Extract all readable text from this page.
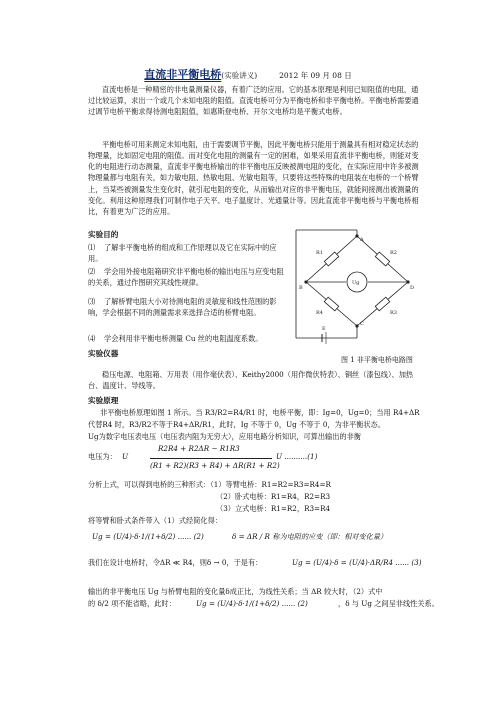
直流非平衡电桥(实验讲义)	2012 年 09 月 08 日
直流电桥是一种精密的非电量测量仪器，有着广泛的应用。它的基本原理是利用已知阻值的电阻，通过比较运算，求出一个或几个未知电阻的阻值。直流电桥可分为平衡电桥和非平衡电桥。平衡电桥需要通过调节电桥平衡求得待测电阻阻值，如惠斯登电桥、开尔文电桥均是平衡式电桥。
平衡电桥可用来测定未知电阻，由于需要调节平衡，因此平衡电桥只能用于测量具有相对稳定状态的物理量，比如固定电阻的阻值。而对变化电阻的测量有一定的困难，如果采用直流非平衡电桥，则能对变化的电阻进行动态测量，直流非平衡电桥输出的非平衡电压反映被测电阻的变化，在实际应用中许多被测物理量都与电阻有关，如力敏电阻、热敏电阻、光敏电阻等，只要将这些特殊的电阻装在电桥的一个桥臂上，当某些被测量发生变化时，就引起电阻的变化，从而输出对应的非平衡电压，就能间接测出被测量的变化。利用这种原理我们可制作电子天平、电子温度计、光通量计等。因此直流非平衡电桥与平衡电桥相比，有着更为广泛的应用。
实验目的
⑴ 了解非平衡电桥的组成和工作原理以及它在实际中的应用。
⑵ 学会用外接电阻箱研究非平衡电桥的输出电压与应变电阻的关系，通过作图研究其线性规律。
⑶ 了解桥臂电阻大小对待测电阻的灵敏度和线性范围的影响，学会根据不同的测量需求来选择合适的桥臂电阻。
⑷ 学会利用非平衡电桥测量 Cu 丝的电阻温度系数。
R1	R2
R3
R4
A
B
C
D
E
Ug
图 1 非平衡电桥电路图
实验仪器
稳压电源、电阻箱、万用表（用作毫伏表）、Keithy2000（用作微伏特表）、铜丝（漆包线）、加热台、温度计、导线等。
实验原理
非平衡电桥原理如图 1 所示。当 R3/R2=R4/R1 时，电桥平衡，即：Ig=0，Ug=0；当用 R4+ΔR
代替R4 时，R3/R2不等于R4+ΔR/R1，此时，Ig 不等于 0，Ug 不等于 0，为非平衡状态。
Ug为数字电压表电压（电压表内阻为无穷大），应用电路分析知识，可算出输出的非衡
电压为： U
R2R4 + R2ΔR − R1R3
(R1 + R2)(R3 + R4) + ΔR(R1 + R2)
U ..........(1)
分析上式，可以得到电桥的三种形式：（1）等臂电桥：R1=R2=R3=R4=R
（2）卧式电桥：R1=R4，R2=R3
（3）立式电桥：R1=R2，R3=R4
将等臂和卧式条件带入（1）式经简化得：
Ug = (U/4)·δ·1/(1+δ/2) ...... (2)	δ = ΔR / R 称为电阻的应变（即：相对变化量）
我们在设计电桥时，令ΔR ≪ R4，则δ → 0，于是有：	Ug = (U/4)·δ = (U/4)·ΔR/R4 ...... (3)
输出的非平衡电压 Ug 与桥臂电阻的变化量δ成正比，为线性关系；当 ΔR 较大时，（2）式中
的 δ/2 项不能省略，此时：	Ug = (U/4)·δ·1/(1+δ/2) ...... (2)	，δ 与 Ug 之间呈非线性关系。
